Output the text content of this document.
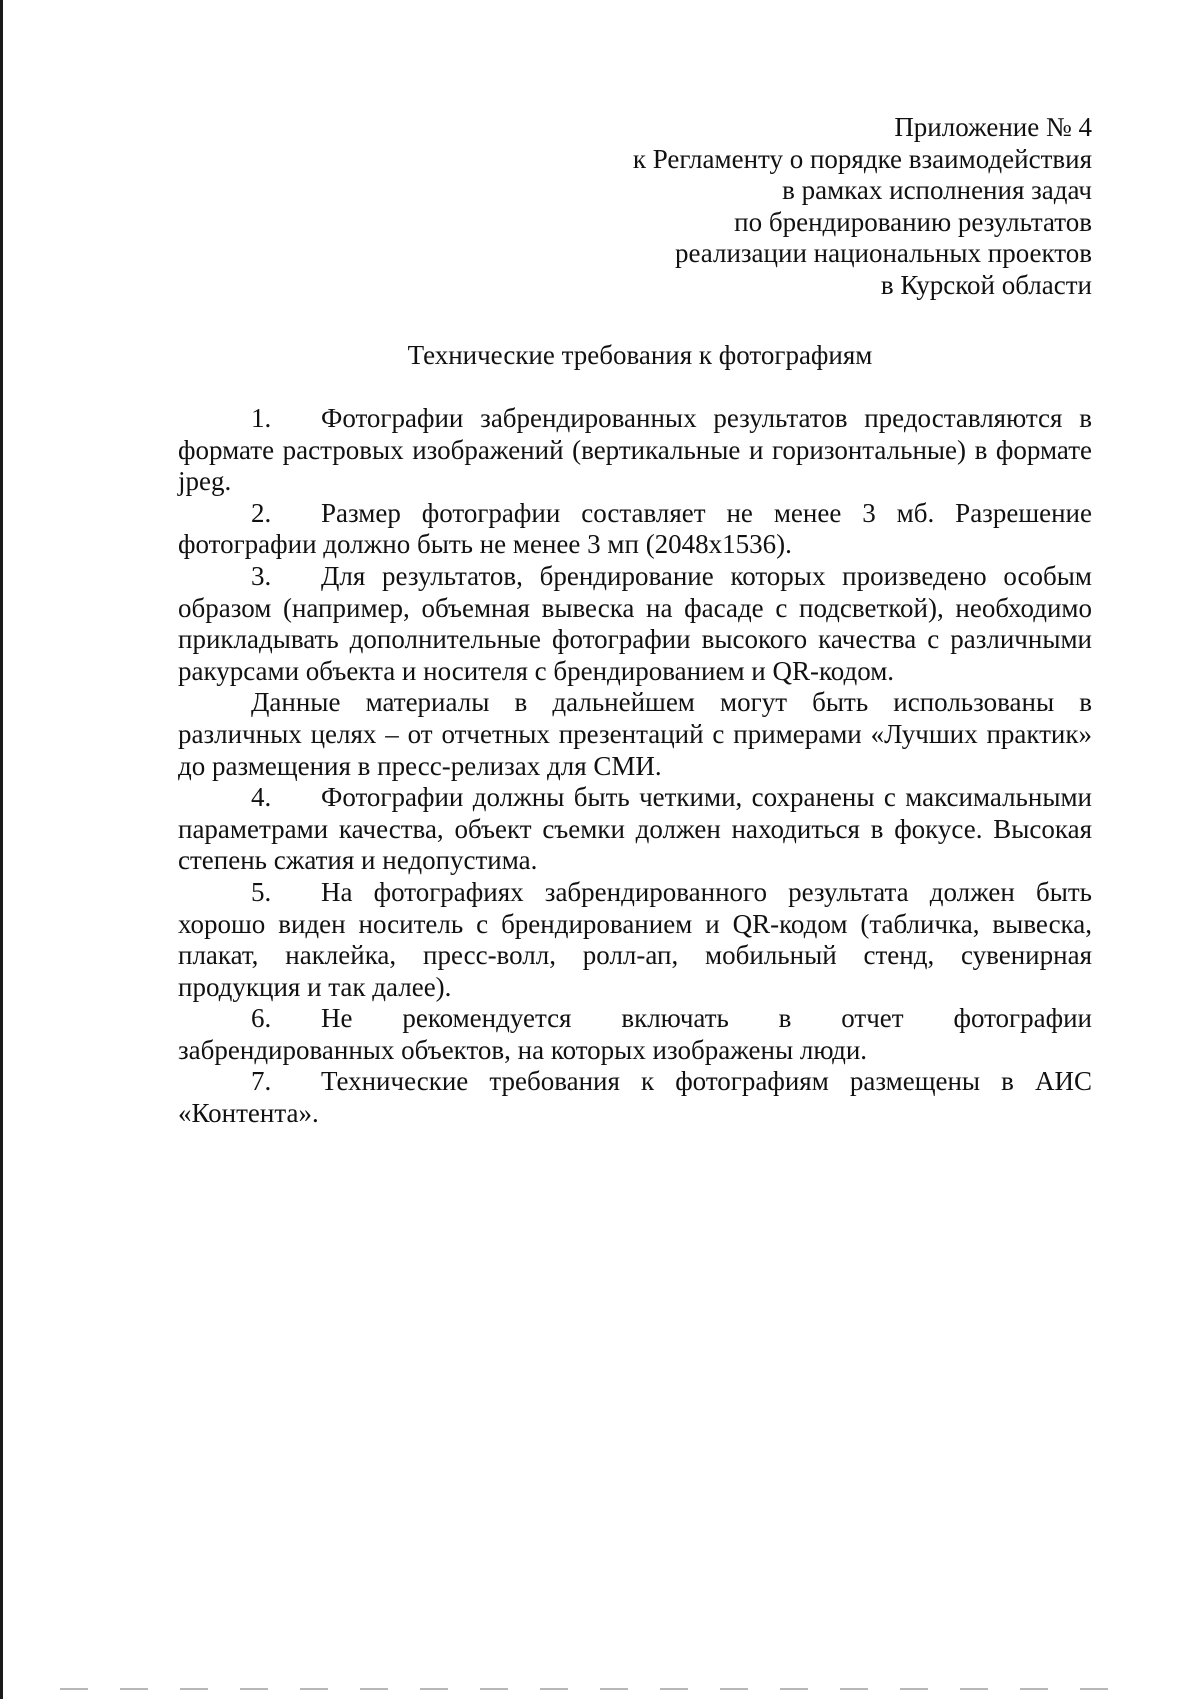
Приложение № 4
к Регламенту о порядке взаимодействия
в рамках исполнения задач
по брендированию результатов
реализации национальных проектов
в Курской области
Технические требования к фотографиям

1. Фотографии забрендированных результатов предоставляются в формате растровых изображений (вертикальные и горизонтальные) в формате jpeg.

2. Размер фотографии составляет не менее 3 мб. Разрешение фотографии должно быть не менее 3 мп (2048x1536).

3. Для результатов, брендирование которых произведено особым образом (например, объемная вывеска на фасаде с подсветкой), необходимо прикладывать дополнительные фотографии высокого качества с различными ракурсами объекта и носителя с брендированием и QR-кодом.

Данные материалы в дальнейшем могут быть использованы в различных целях – от отчетных презентаций с примерами «Лучших практик» до размещения в пресс-релизах для СМИ.

4. Фотографии должны быть четкими, сохранены с максимальными параметрами качества, объект съемки должен находиться в фокусе. Высокая степень сжатия и недопустима.

5. На фотографиях забрендированного результата должен быть хорошо виден носитель с брендированием и QR-кодом (табличка, вывеска, плакат, наклейка, пресс-волл, ролл-ап, мобильный стенд, сувенирная продукция и так далее).

6. Не рекомендуется включать в отчет фотографии забрендированных объектов, на которых изображены люди.

7. Технические требования к фотографиям размещены в АИС «Контента».
